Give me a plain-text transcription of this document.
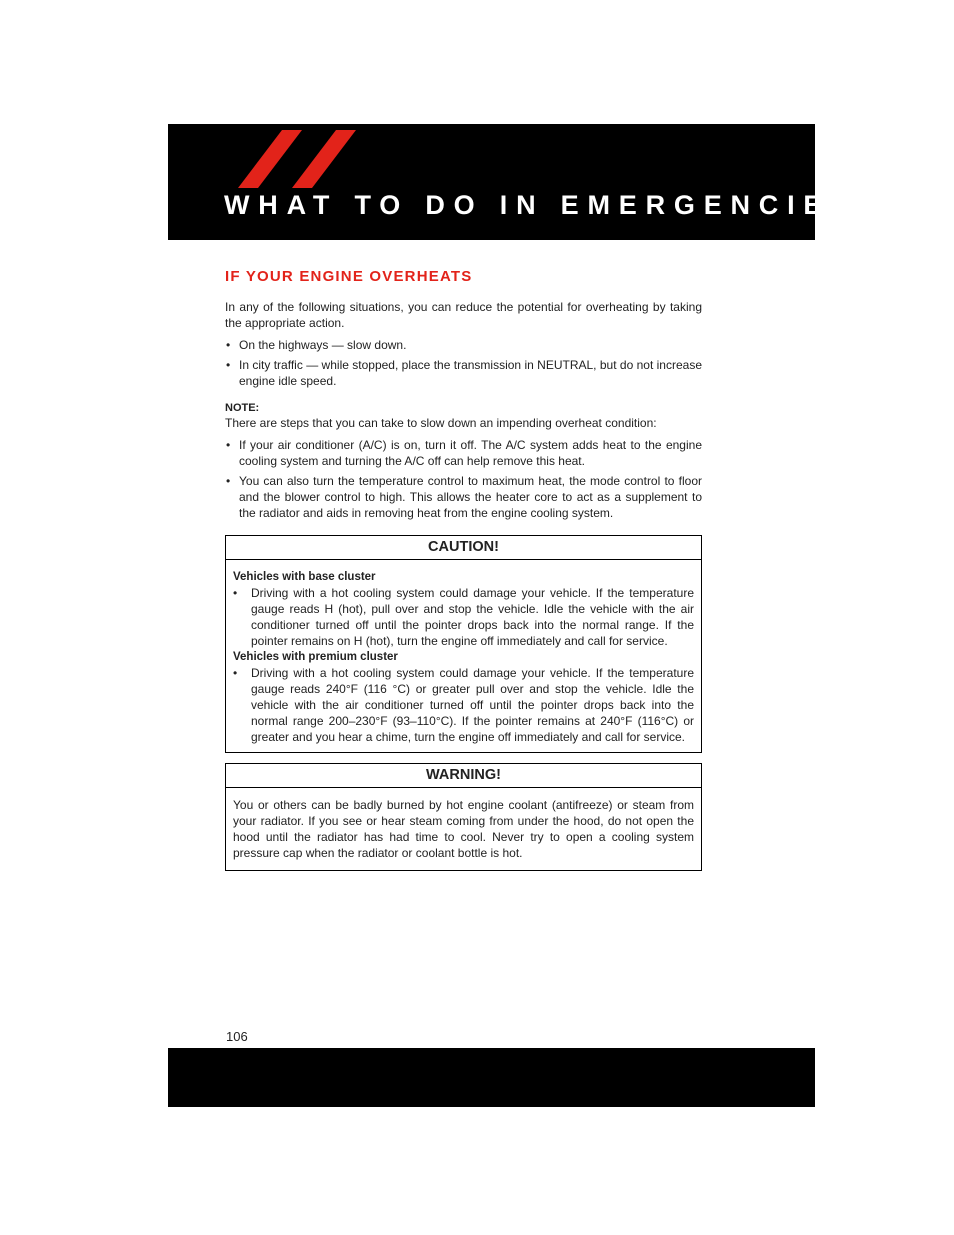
WHAT TO DO IN EMERGENCIES
IF YOUR ENGINE OVERHEATS

In any of the following situations, you can reduce the potential for overheating by taking the appropriate action.

• On the highways — slow down.
• In city traffic — while stopped, place the transmission in NEUTRAL, but do not increase engine idle speed.
NOTE:

There are steps that you can take to slow down an impending overheat condition:

• If your air conditioner (A/C) is on, turn it off. The A/C system adds heat to the engine cooling system and turning the A/C off can help remove this heat.
• You can also turn the temperature control to maximum heat, the mode control to floor and the blower control to high. This allows the heater core to act as a supplement to the radiator and aids in removing heat from the engine cooling system.
CAUTION!
Vehicles with base cluster
• Driving with a hot cooling system could damage your vehicle. If the temperature gauge reads H (hot), pull over and stop the vehicle. Idle the vehicle with the air conditioner turned off until the pointer drops back into the normal range. If the pointer remains on H (hot), turn the engine off immediately and call for service.
Vehicles with premium cluster
• Driving with a hot cooling system could damage your vehicle. If the temperature gauge reads 240°F (116 °C) or greater pull over and stop the vehicle. Idle the vehicle with the air conditioner turned off until the pointer drops back into the normal range 200–230°F (93–110°C). If the pointer remains at 240°F (116°C) or greater and you hear a chime, turn the engine off immediately and call for service.
WARNING!

You or others can be badly burned by hot engine coolant (antifreeze) or steam from your radiator. If you see or hear steam coming from under the hood, do not open the hood until the radiator has had time to cool. Never try to open a cooling system pressure cap when the radiator or coolant bottle is hot.

106
